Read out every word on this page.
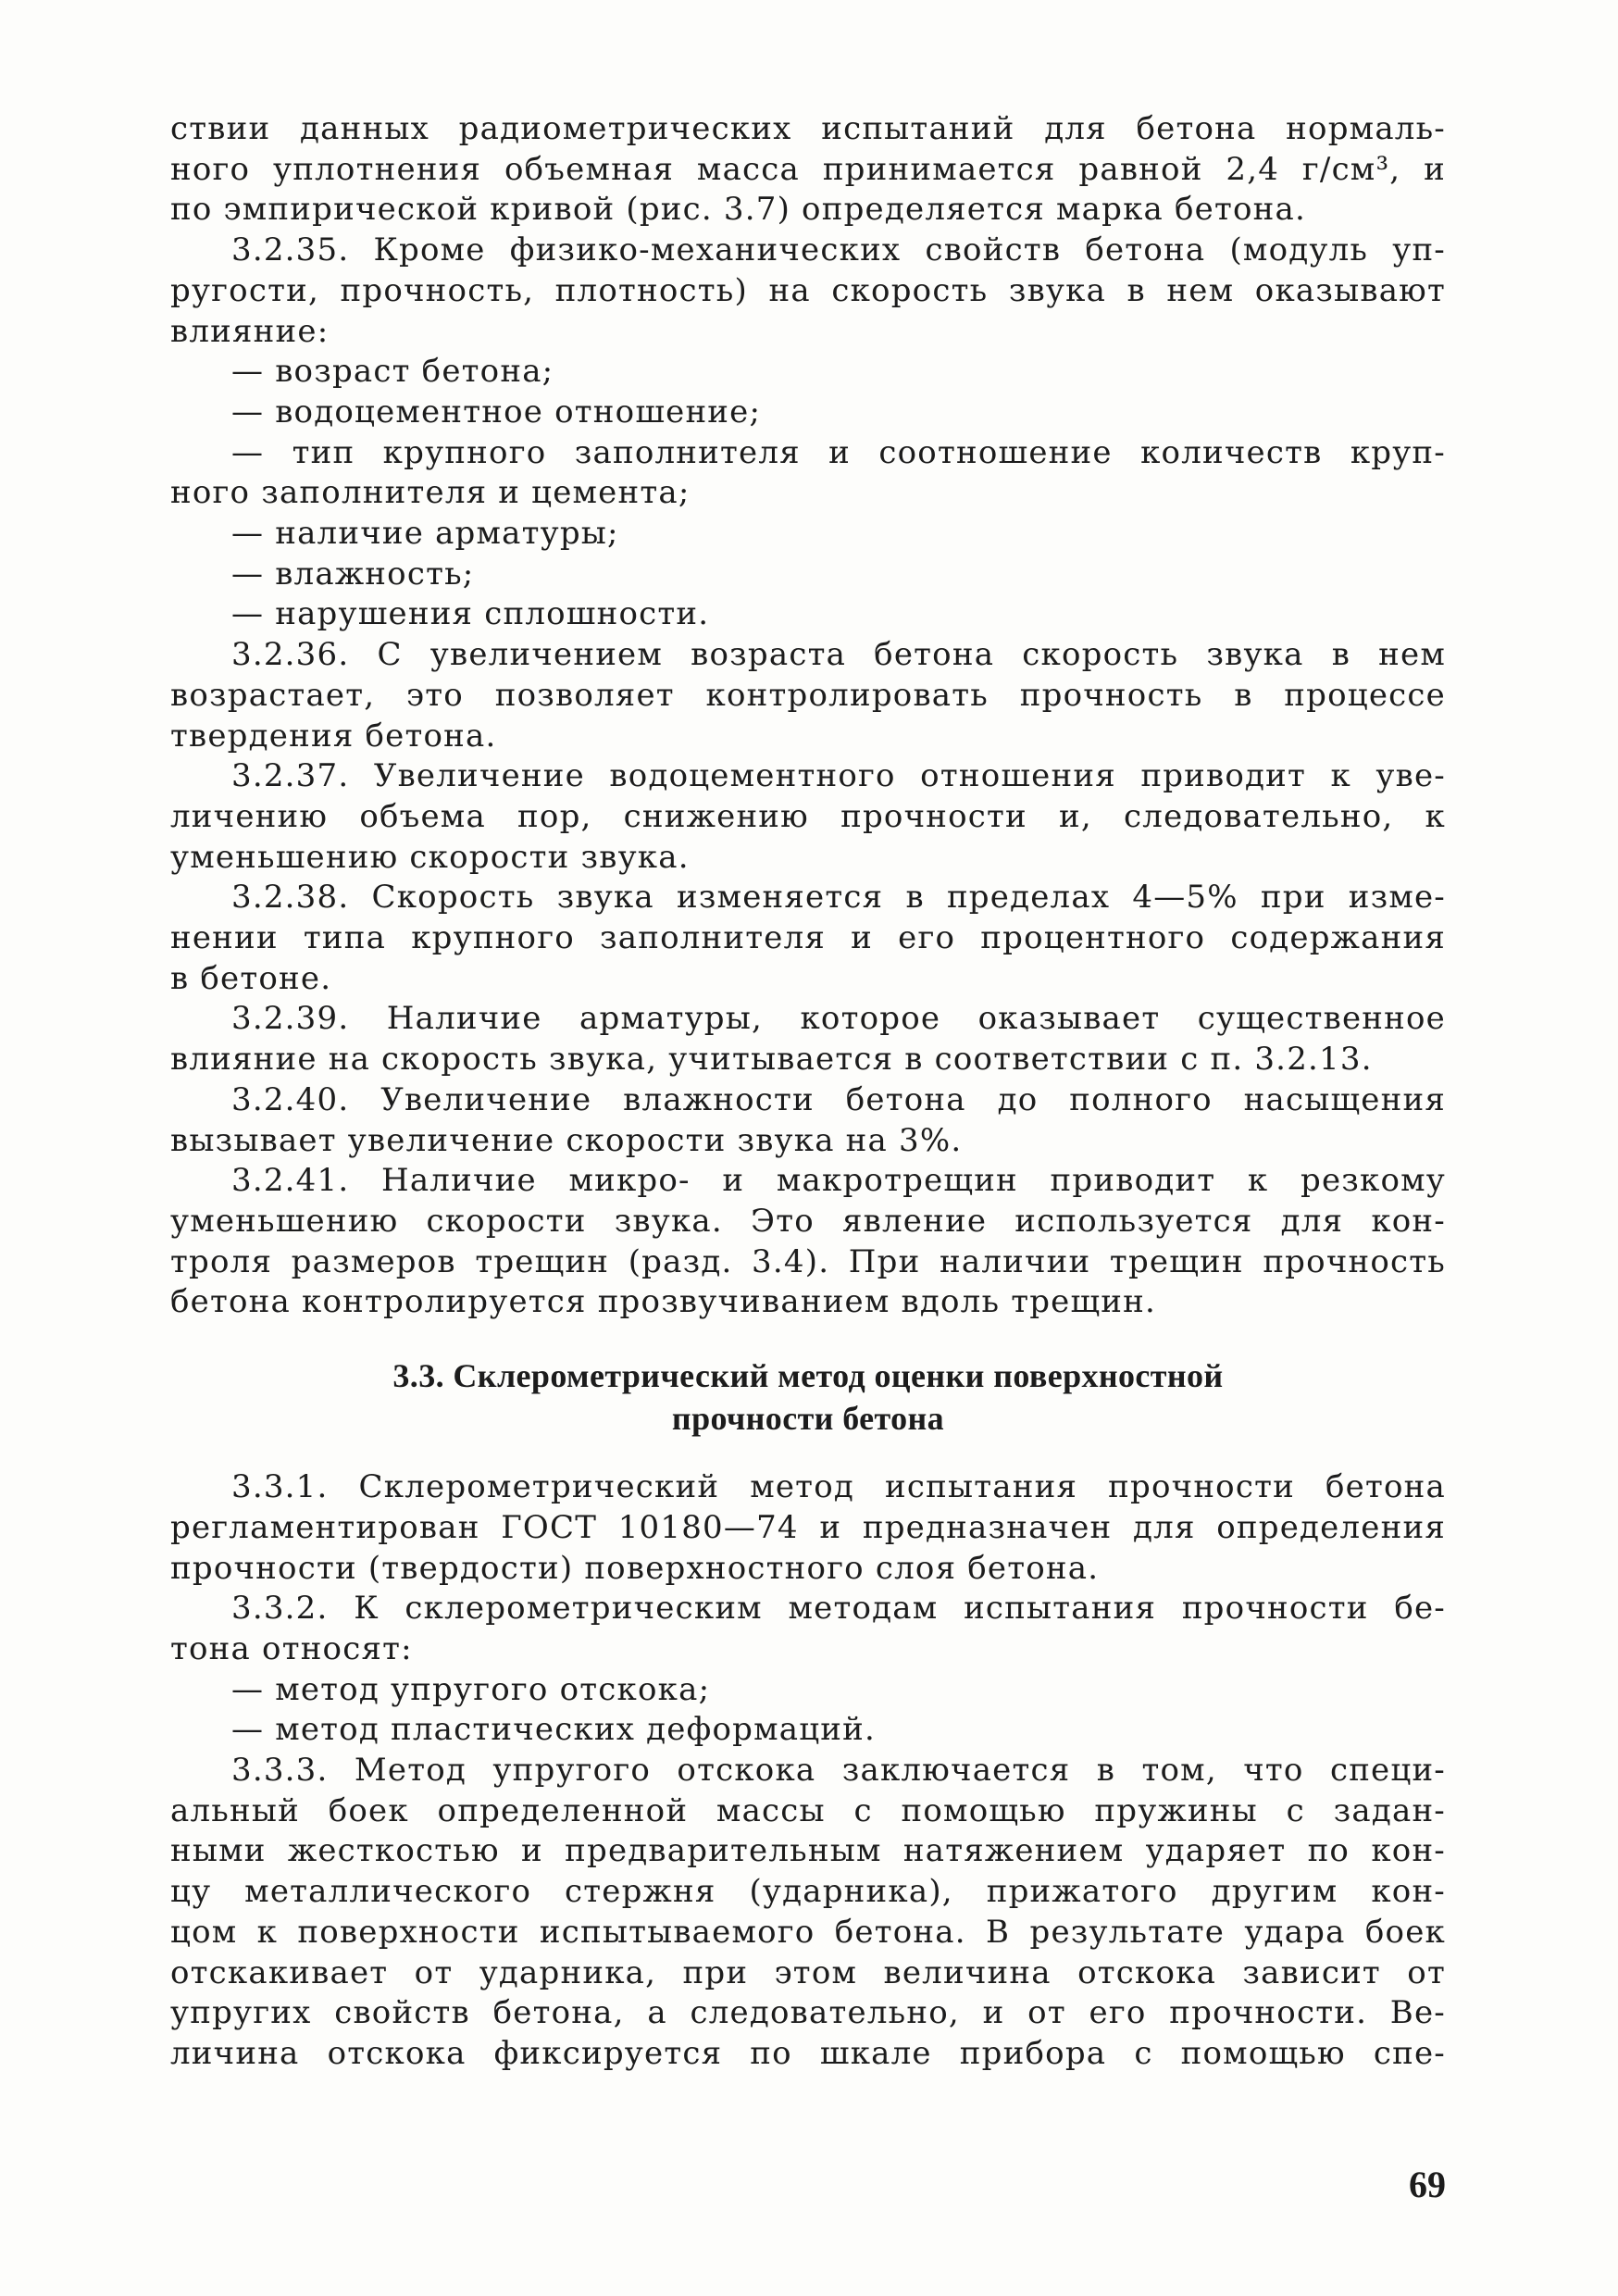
ствии данных радиометрических испытаний для бетона нормаль-
ного уплотнения объемная масса принимается равной 2,4 г/см³, и
по эмпирической кривой (рис. 3.7) определяется марка бетона.
3.2.35. Кроме физико-механических свойств бетона (модуль уп-
ругости, прочность, плотность) на скорость звука в нем оказывают
влияние:
— возраст бетона;
— водоцементное отношение;
— тип крупного заполнителя и соотношение количеств круп-
ного заполнителя и цемента;
— наличие арматуры;
— влажность;
— нарушения сплошности.
3.2.36. С увеличением возраста бетона скорость звука в нем
возрастает, это позволяет контролировать прочность в процессе
твердения бетона.
3.2.37. Увеличение водоцементного отношения приводит к уве-
личению объема пор, снижению прочности и, следовательно, к
уменьшению скорости звука.
3.2.38. Скорость звука изменяется в пределах 4—5% при изме-
нении типа крупного заполнителя и его процентного содержания
в бетоне.
3.2.39. Наличие арматуры, которое оказывает существенное
влияние на скорость звука, учитывается в соответствии с п. 3.2.13.
3.2.40. Увеличение влажности бетона до полного насыщения
вызывает увеличение скорости звука на 3%.
3.2.41. Наличие микро- и макротрещин приводит к резкому
уменьшению скорости звука. Это явление используется для кон-
троля размеров трещин (разд. 3.4). При наличии трещин прочность
бетона контролируется прозвучиванием вдоль трещин.
3.3. Склерометрический метод оценки поверхностной
прочности бетона
3.3.1. Склерометрический метод испытания прочности бетона
регламентирован ГОСТ 10180—74 и предназначен для определения
прочности (твердости) поверхностного слоя бетона.
3.3.2. К склерометрическим методам испытания прочности бе-
тона относят:
— метод упругого отскока;
— метод пластических деформаций.
3.3.3. Метод упругого отскока заключается в том, что специ-
альный боек определенной массы с помощью пружины с задан-
ными жесткостью и предварительным натяжением ударяет по кон-
цу металлического стержня (ударника), прижатого другим кон-
цом к поверхности испытываемого бетона. В результате удара боек
отскакивает от ударника, при этом величина отскока зависит от
упругих свойств бетона, а следовательно, и от его прочности. Ве-
личина отскока фиксируется по шкале прибора с помощью спе-
69
